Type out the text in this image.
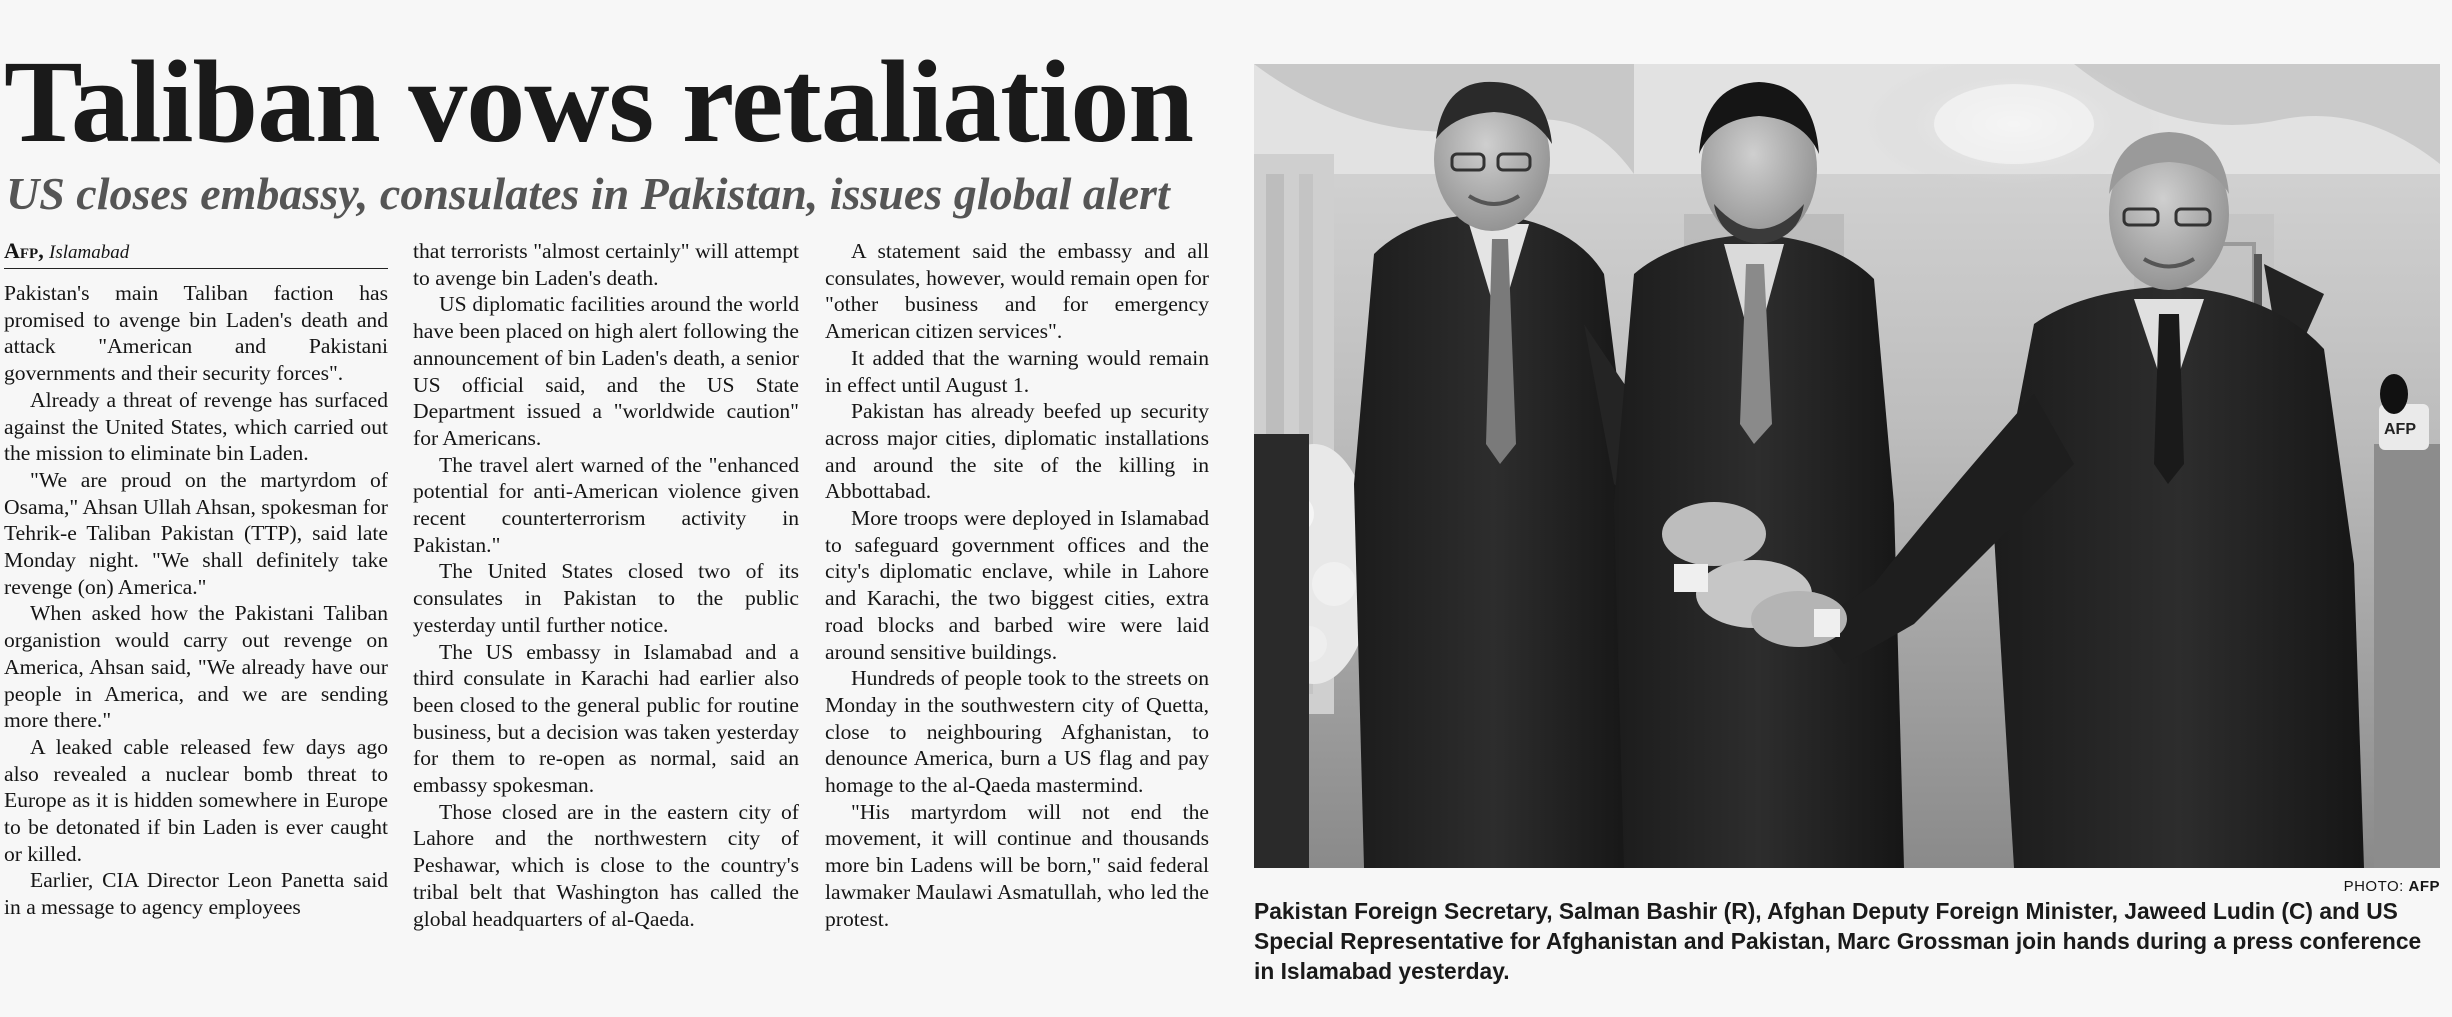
Taliban vows retaliation
US closes embassy, consulates in Pakistan, issues global alert
Afp, Islamabad

Pakistan's main Taliban faction has promised to avenge bin Laden's death and attack "American and Pakistani governments and their security forces".

Already a threat of revenge has surfaced against the United States, which carried out the mission to eliminate bin Laden.

"We are proud on the martyrdom of Osama," Ahsan Ullah Ahsan, spokesman for Tehrik-e Taliban Pakistan (TTP), said late Monday night. "We shall definitely take revenge (on) America."

When asked how the Pakistani Taliban organistion would carry out revenge on America, Ahsan said, "We already have our people in America, and we are sending more there."

A leaked cable released few days ago also revealed a nuclear bomb threat to Europe as it is hidden somewhere in Europe to be detonated if bin Laden is ever caught or killed.

Earlier, CIA Director Leon Panetta said in a message to agency employees

that terrorists "almost certainly" will attempt to avenge bin Laden's death.

US diplomatic facilities around the world have been placed on high alert following the announcement of bin Laden's death, a senior US official said, and the US State Department issued a "worldwide caution" for Americans.

The travel alert warned of the "enhanced potential for anti-American violence given recent counterterrorism activity in Pakistan."

The United States closed two of its consulates in Pakistan to the public yesterday until further notice.

The US embassy in Islamabad and a third consulate in Karachi had earlier also been closed to the general public for routine business, but a decision was taken yesterday for them to re-open as normal, said an embassy spokesman.

Those closed are in the eastern city of Lahore and the northwestern city of Peshawar, which is close to the country's tribal belt that Washington has called the global headquarters of al-Qaeda.

A statement said the embassy and all consulates, however, would remain open for "other business and for emergency American citizen services".

It added that the warning would remain in effect until August 1.

Pakistan has already beefed up security across major cities, diplomatic installations and around the site of the killing in Abbottabad.

More troops were deployed in Islamabad to safeguard government offices and the city's diplomatic enclave, while in Lahore and Karachi, the two biggest cities, extra road blocks and barbed wire were laid around sensitive buildings.

Hundreds of people took to the streets on Monday in the southwestern city of Quetta, close to neighbouring Afghanistan, to denounce America, burn a US flag and pay homage to the al-Qaeda mastermind.

"His martyrdom will not end the movement, it will continue and thousands more bin Ladens will be born," said federal lawmaker Maulawi Asmatullah, who led the protest.

AFP
PHOTO: AFP

Pakistan Foreign Secretary, Salman Bashir (R), Afghan Deputy Foreign Minister, Jaweed Ludin (C) and US Special Representative for Afghanistan and Pakistan, Marc Grossman join hands during a press conference in Islamabad yesterday.
